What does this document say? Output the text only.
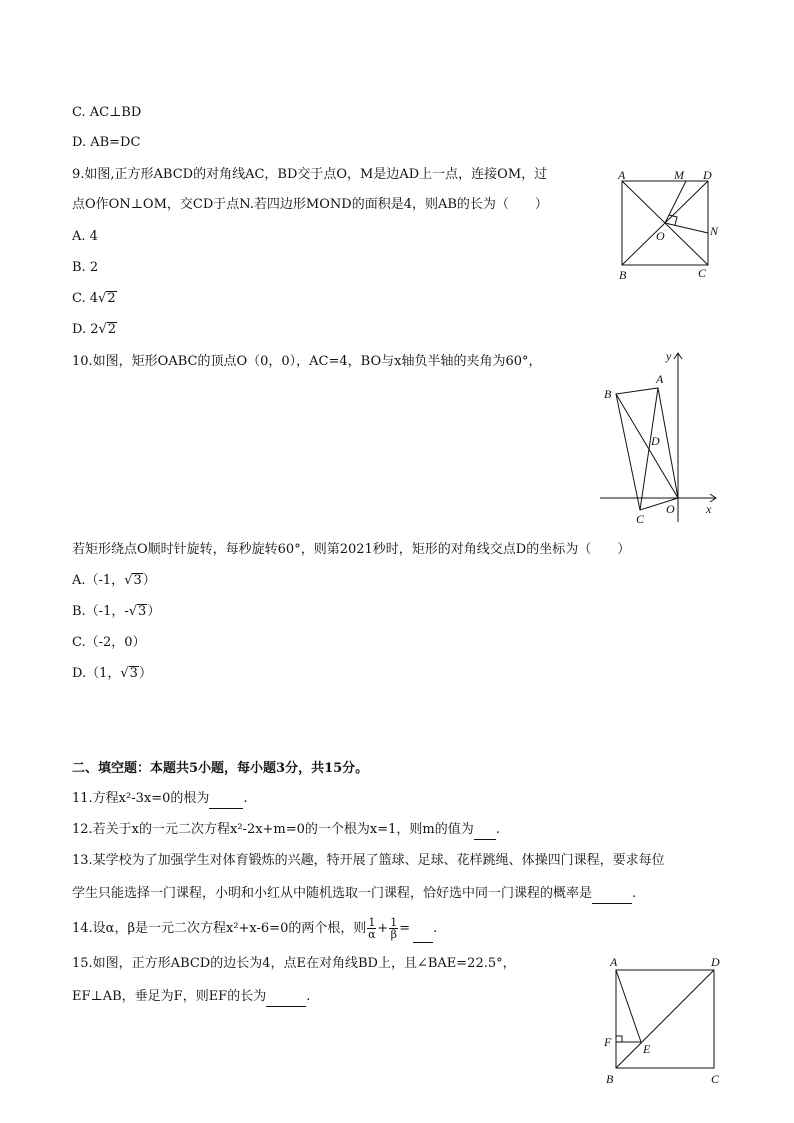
C. AC⊥BD
D. AB=DC
9.如图,正方形ABCD的对角线AC，BD交于点O，M是边AD上一点，连接OM，过
点O作ON⊥OM，交CD于点N.若四边形MOND的面积是4，则AB的长为（　　）
A. 4
B. 2
C. 4√2
D. 2√2
A	M D
O	N
B	C
10.如图，矩形OABC的顶点O（0，0），AC=4，BO与x轴负半轴的夹角为60°，	y
A
B
D
C
O	x
若矩形绕点O顺时针旋转，每秒旋转60°，则第2021秒时，矩形的对角线交点D的坐标为（　　）
A.（-1，√3）
B.（-1，-√3）
C.（-2，0）
D.（1，√3）
二、填空题：本题共5小题，每小题3分，共15分。
11.方程x²-3x=0的根为	.
12.若关于x的一元二次方程x²-2x+m=0的一个根为x=1，则m的值为 .
13.某学校为了加强学生对体育锻炼的兴趣，特开展了篮球、足球、花样跳绳、体操四门课程，要求每位
学生只能选择一门课程，小明和小红从中随机选取一门课程，恰好选中同一门课程的概率是	.
14.设α，β是一元二次方程x²+x-6=0的两个根，则 $\frac{1}{\alpha} + \frac{1}{\beta}$ = .
15.如图，正方形ABCD的边长为4，点E在对角线BD上，且∠BAE=22.5°，
EF⊥AB，垂足为F，则EF的长为	.
A	D
F	E
B	C
